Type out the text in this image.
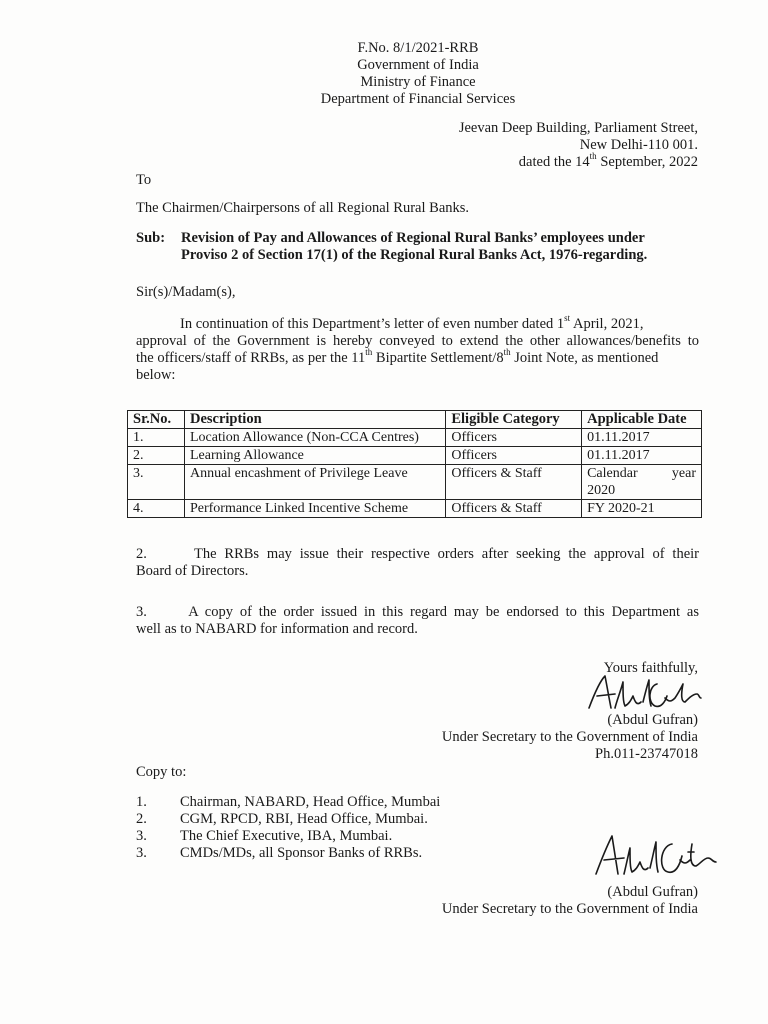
F.No. 8/1/2021-RRB
Government of India
Ministry of Finance
Department of Financial Services
Jeevan Deep Building, Parliament Street,
New Delhi-110 001.
dated the 14th September, 2022
To
The Chairmen/Chairpersons of all Regional Rural Banks.
Sub: Revision of Pay and Allowances of Regional Rural Banks’ employees under
Proviso 2 of Section 17(1) of the Regional Rural Banks Act, 1976-regarding.
Sir(s)/Madam(s),
In continuation of this Department’s letter of even number dated 1st April, 2021,
approval of the Government is hereby conveyed to extend the other allowances/benefits to
the officers/staff of RRBs, as per the 11th Bipartite Settlement/8th Joint Note, as mentioned
below:
Sr.No.	Description	Eligible Category	Applicable Date
1.	Location Allowance (Non-CCA Centres)	Officers	01.11.2017
2.	Learning Allowance	Officers	01.11.2017
3.	Annual encashment of Privilege Leave	Officers & Staff	Calendar year
2020

4.	Performance Linked Incentive Scheme	Officers & Staff	FY 2020-21
2.      The RRBs may issue their respective orders after seeking the approval of their
Board of Directors.
3.      A copy of the order issued in this regard may be endorsed to this Department as
well as to NABARD for information and record.
Yours faithfully,
(Abdul Gufran)
Under Secretary to the Government of India
Ph.011-23747018
Copy to:
1. Chairman, NABARD, Head Office, Mumbai
2. CGM, RPCD, RBI, Head Office, Mumbai.
3. The Chief Executive, IBA, Mumbai.
3. CMDs/MDs, all Sponsor Banks of RRBs.
(Abdul Gufran)
Under Secretary to the Government of India
